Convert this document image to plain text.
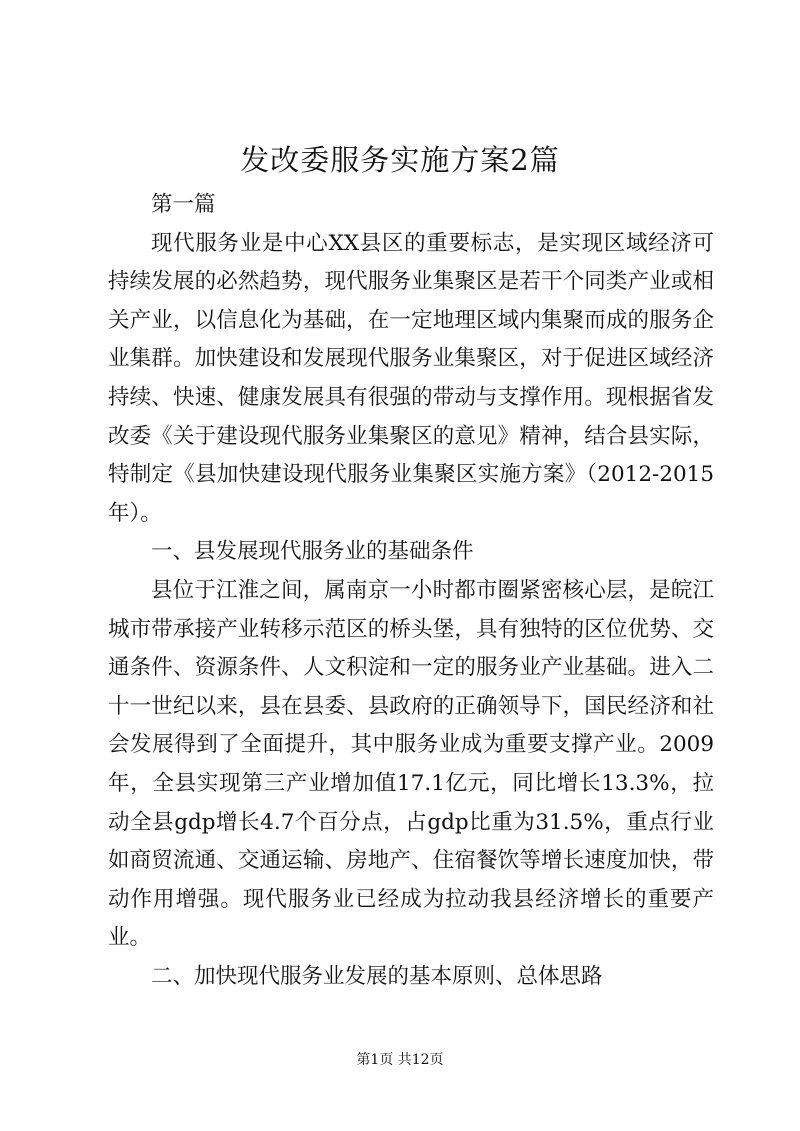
发改委服务实施方案2篇

第一篇

现代服务业是中心XX县区的重要标志，是实现区域经济可持续发展的必然趋势，现代服务业集聚区是若干个同类产业或相关产业，以信息化为基础，在一定地理区域内集聚而成的服务企业集群。加快建设和发展现代服务业集聚区，对于促进区域经济持续、快速、健康发展具有很强的带动与支撑作用。现根据省发改委《关于建设现代服务业集聚区的意见》精神，结合县实际，特制定《县加快建设现代服务业集聚区实施方案》（2012-2015年）。

一、县发展现代服务业的基础条件

县位于江淮之间，属南京一小时都市圈紧密核心层，是皖江城市带承接产业转移示范区的桥头堡，具有独特的区位优势、交通条件、资源条件、人文积淀和一定的服务业产业基础。进入二十一世纪以来，县在县委、县政府的正确领导下，国民经济和社会发展得到了全面提升，其中服务业成为重要支撑产业。2009年，全县实现第三产业增加值17.1亿元，同比增长13.3%，拉动全县gdp增长4.7个百分点，占gdp比重为31.5%，重点行业如商贸流通、交通运输、房地产、住宿餐饮等增长速度加快，带动作用增强。现代服务业已经成为拉动我县经济增长的重要产业。

二、加快现代服务业发展的基本原则、总体思路

第1页 共12页
